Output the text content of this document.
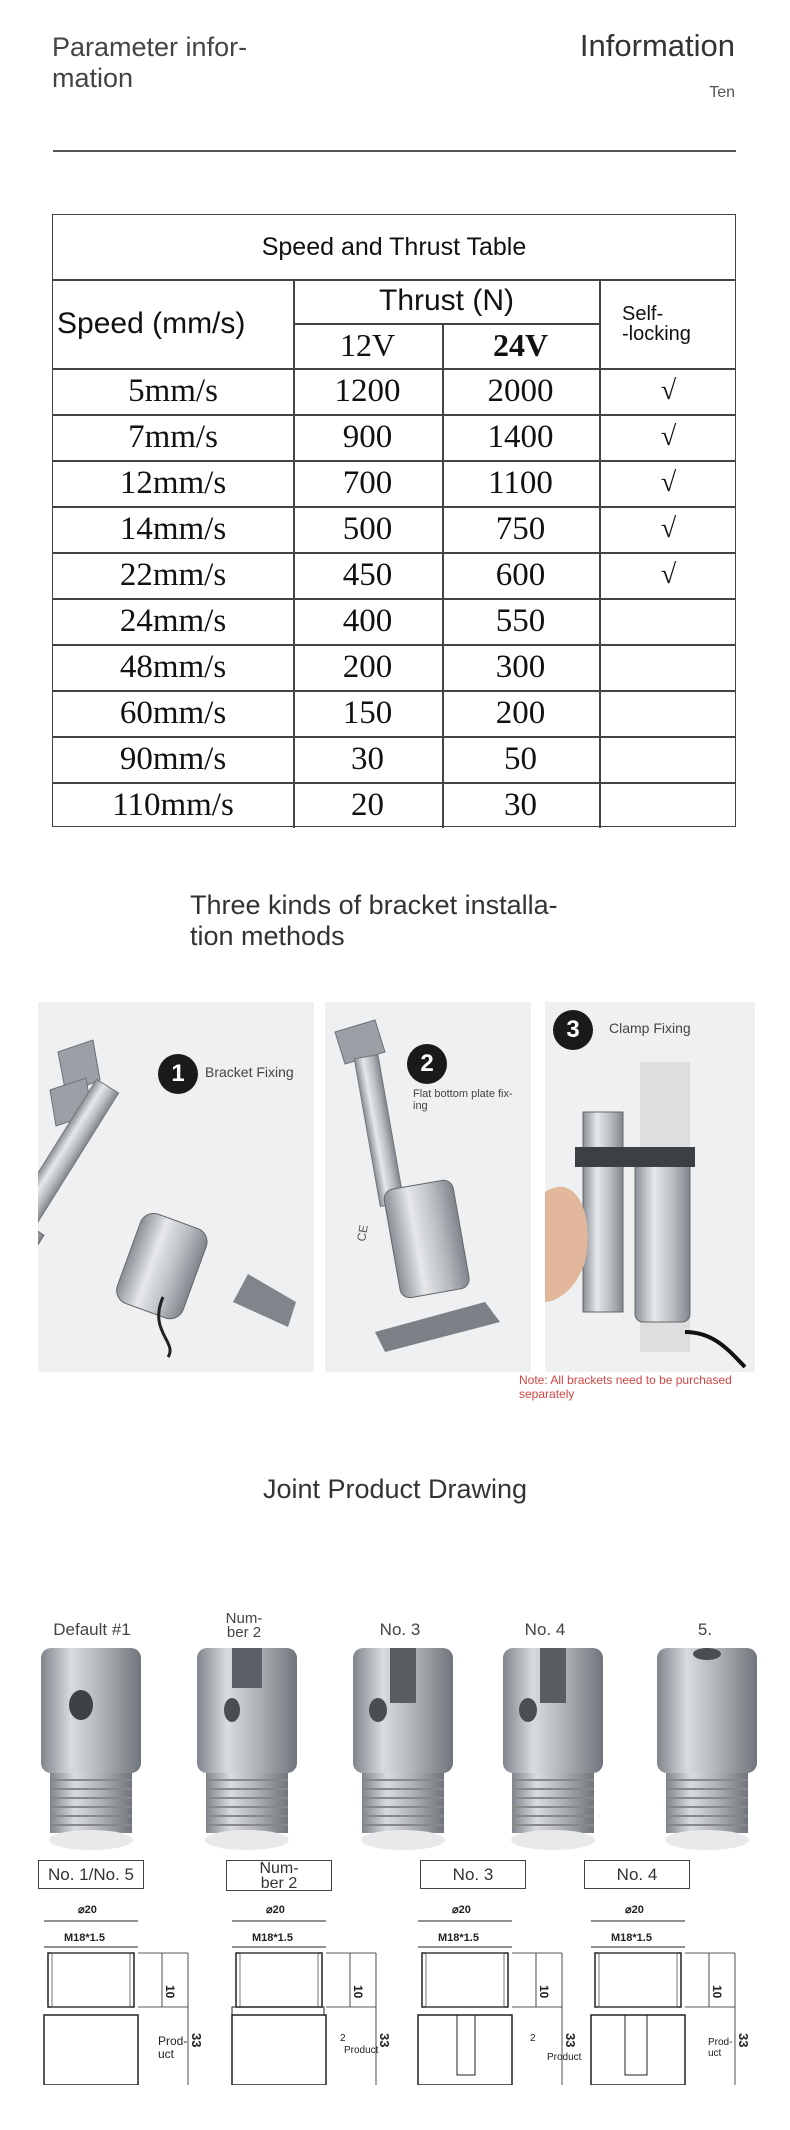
Parameter infor-
mation
Information
Ten
Speed and Thrust Table
Speed (mm/s)
Thrust (N)
12V	24V
Self-
-locking
5mm/s	1200	2000	√
7mm/s	900	1400	√
12mm/s	700	1100	√
14mm/s	500	750	√
22mm/s	450	600	√
24mm/s	400	550
48mm/s	200	300
60mm/s	150	200
90mm/s	30	50
110mm/s	20	30
Three kinds of bracket installa-
tion methods
1	Bracket Fixing
CE
2
Flat bottom plate fix-
ing
3	Clamp Fixing
Note: All brackets need to be purchased separately
Joint Product Drawing
Default #1
Num-
ber 2	No. 3	No. 4	5.
No. 1/No. 5	Num-
ber 2	No. 3	No. 4
⌀20
M18*1.5
10
33
Prod-
uct
⌀20
M18*1.5
10
33
2
Product
⌀20
M18*1.5
10
33
2
Product
⌀20
M18*1.5
10
33
Prod-
uct
